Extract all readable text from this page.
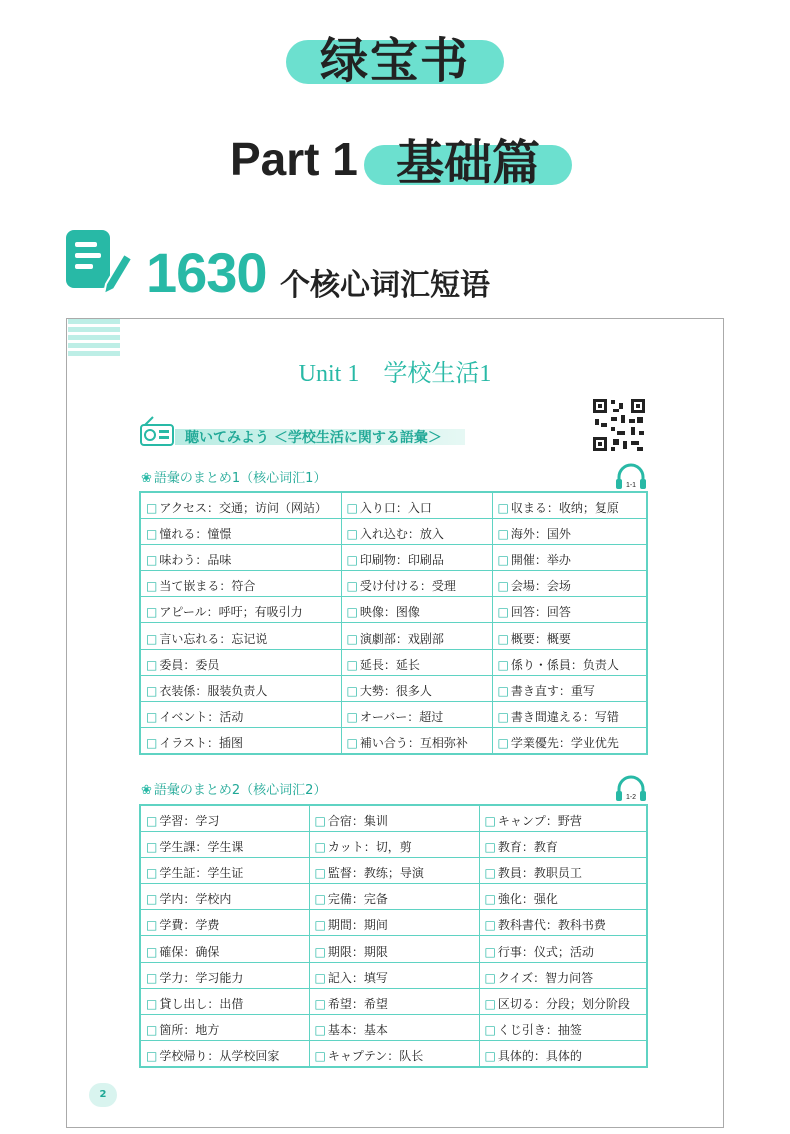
绿宝书
Part 1 基础篇
1630 个核心词汇短语
Unit 1　学校生活1
聴いてみよう ＜学校生活に関する語彙＞
❀ 語彙のまとめ1（核心词汇1）	1-1
□ アクセス：交通；访问（网站）	□ 入り口：入口	□ 収まる：收纳；复原
□ 憧れる：憧憬	□ 入れ込む：放入	□ 海外：国外
□ 味わう：品味	□ 印刷物：印刷品	□ 開催：举办
□ 当て嵌まる：符合	□ 受け付ける：受理	□ 会場：会场
□ アピール：呼吁；有吸引力	□ 映像：图像	□ 回答：回答
□ 言い忘れる：忘记说	□ 演劇部：戏剧部	□ 概要：概要
□ 委員：委员	□ 延長：延长	□ 係り・係員：负责人
□ 衣装係：服装负责人	□ 大勢：很多人	□ 書き直す：重写
□ イベント：活动	□ オーバー：超过	□ 書き間違える：写错
□ イラスト：插图	□ 補い合う：互相弥补	□ 学業優先：学业优先
❀ 語彙のまとめ2（核心词汇2）	1-2
□ 学習：学习	□ 合宿：集训	□ キャンプ：野营
□ 学生課：学生课	□ カット：切，剪	□ 教育：教育
□ 学生証：学生证	□ 監督：教练；导演	□ 教員：教职员工
□ 学内：学校内	□ 完備：完备	□ 強化：强化
□ 学費：学费	□ 期間：期间	□ 教科書代：教科书费
□ 確保：确保	□ 期限：期限	□ 行事：仪式；活动
□ 学力：学习能力	□ 記入：填写	□ クイズ：智力问答
□ 貸し出し：出借	□ 希望：希望	□ 区切る：分段；划分阶段
□ 箇所：地方	□ 基本：基本	□ くじ引き：抽签
□ 学校帰り：从学校回家	□ キャプテン：队长	□ 具体的：具体的
2
